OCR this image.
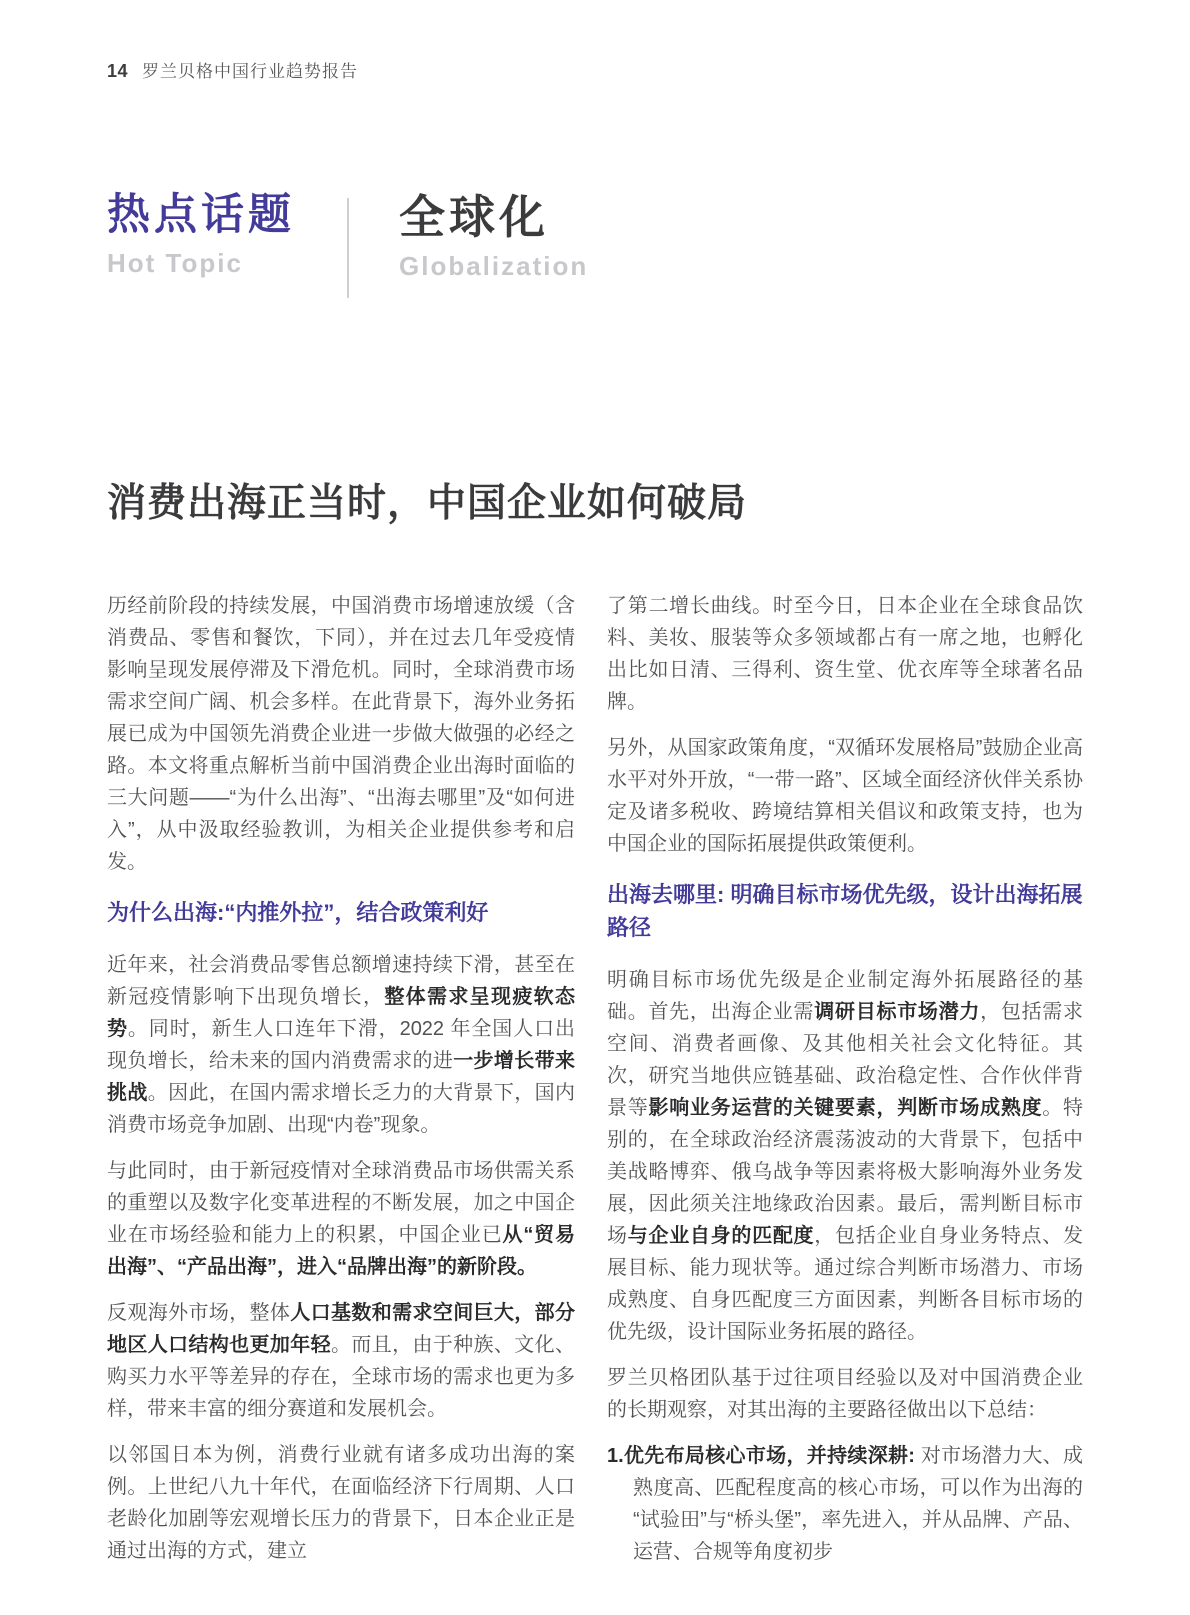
14 罗兰贝格中国行业趋势报告
热点话题
Hot Topic
全球化
Globalization
消费出海正当时，中国企业如何破局

历经前阶段的持续发展，中国消费市场增速放缓（含消费品、零售和餐饮，下同），并在过去几年受疫情影响呈现发展停滞及下滑危机。同时，全球消费市场需求空间广阔、机会多样。在此背景下，海外业务拓展已成为中国领先消费企业进一步做大做强的必经之路。本文将重点解析当前中国消费企业出海时面临的三大问题——“为什么出海”、“出海去哪里”及“如何进入”，从中汲取经验教训，为相关企业提供参考和启发。

为什么出海:“内推外拉”，结合政策利好

近年来，社会消费品零售总额增速持续下滑，甚至在新冠疫情影响下出现负增长，整体需求呈现疲软态势。同时，新生人口连年下滑，2022 年全国人口出现负增长，给未来的国内消费需求的进一步增长带来挑战。因此，在国内需求增长乏力的大背景下，国内消费市场竞争加剧、出现“内卷”现象。

与此同时，由于新冠疫情对全球消费品市场供需关系的重塑以及数字化变革进程的不断发展，加之中国企业在市场经验和能力上的积累，中国企业已从“贸易出海”、“产品出海”，进入“品牌出海”的新阶段。

反观海外市场，整体人口基数和需求空间巨大，部分地区人口结构也更加年轻。而且，由于种族、文化、购买力水平等差异的存在，全球市场的需求也更为多样，带来丰富的细分赛道和发展机会。

以邻国日本为例，消费行业就有诸多成功出海的案例。上世纪八九十年代，在面临经济下行周期、人口老龄化加剧等宏观增长压力的背景下，日本企业正是通过出海的方式，建立

了第二增长曲线。时至今日，日本企业在全球食品饮料、美妆、服装等众多领域都占有一席之地，也孵化出比如日清、三得利、资生堂、优衣库等全球著名品牌。

另外，从国家政策角度，“双循环发展格局”鼓励企业高水平对外开放，“一带一路”、区域全面经济伙伴关系协定及诸多税收、跨境结算相关倡议和政策支持，也为中国企业的国际拓展提供政策便利。

出海去哪里: 明确目标市场优先级，设计出海拓展路径

明确目标市场优先级是企业制定海外拓展路径的基础。首先，出海企业需调研目标市场潜力，包括需求空间、消费者画像、及其他相关社会文化特征。其次，研究当地供应链基础、政治稳定性、合作伙伴背景等影响业务运营的关键要素，判断市场成熟度。特别的，在全球政治经济震荡波动的大背景下，包括中美战略博弈、俄乌战争等因素将极大影响海外业务发展，因此须关注地缘政治因素。最后，需判断目标市场与企业自身的匹配度，包括企业自身业务特点、发展目标、能力现状等。通过综合判断市场潜力、市场成熟度、自身匹配度三方面因素，判断各目标市场的优先级，设计国际业务拓展的路径。

罗兰贝格团队基于过往项目经验以及对中国消费企业的长期观察，对其出海的主要路径做出以下总结：

1.优先布局核心市场，并持续深耕: 对市场潜力大、成熟度高、匹配程度高的核心市场，可以作为出海的“试验田”与“桥头堡”，率先进入，并从品牌、产品、运营、合规等角度初步
